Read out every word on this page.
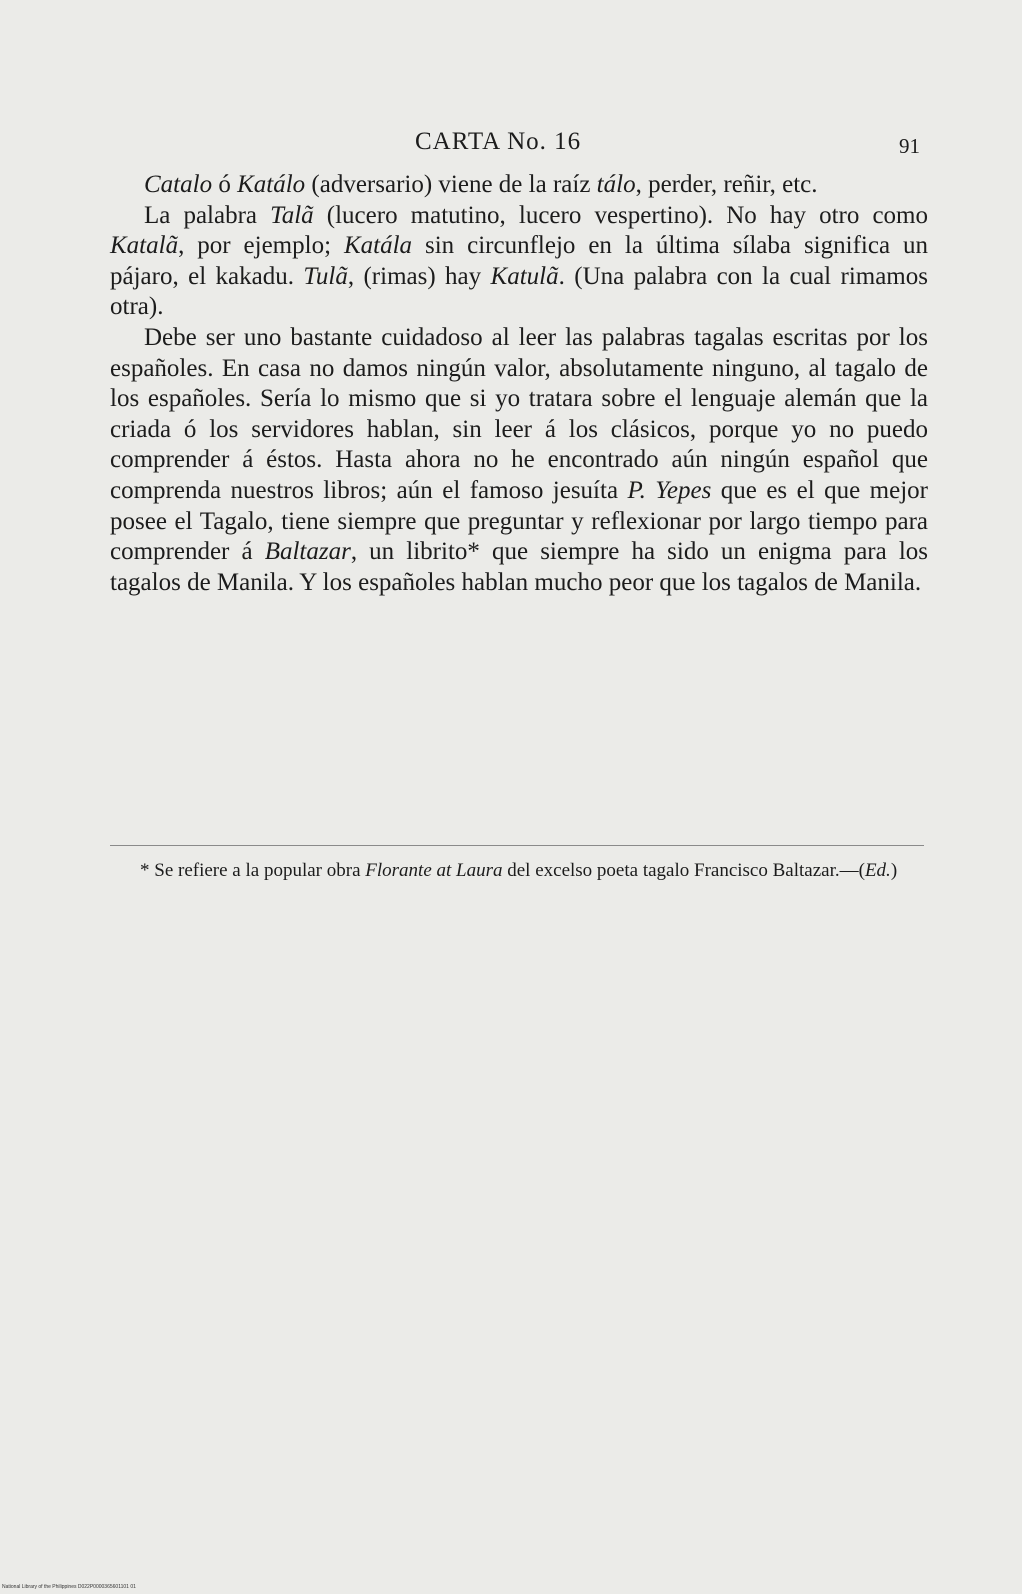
CARTA No. 16	91

Catalo ó Katálo (adversario) viene de la raíz tálo, perder, reñir, etc.

La palabra Talã (lucero matutino, lucero vespertino). No hay otro como Katalã, por ejemplo; Katála sin circunflejo en la última sílaba significa un pájaro, el kakadu. Tulã, (rimas) hay Katulã. (Una palabra con la cual rimamos otra).

Debe ser uno bastante cuidadoso al leer las palabras tagalas escritas por los españoles. En casa no damos ningún valor, absolutamente ninguno, al tagalo de los españoles. Sería lo mismo que si yo tratara sobre el lenguaje alemán que la criada ó los servidores hablan, sin leer á los clásicos, porque yo no puedo comprender á éstos. Hasta ahora no he encontrado aún ningún español que comprenda nuestros libros; aún el famoso jesuíta P. Yepes que es el que mejor posee el Tagalo, tiene siempre que preguntar y reflexionar por largo tiempo para comprender á Baltazar, un librito* que siempre ha sido un enigma para los tagalos de Manila. Y los españoles hablan mucho peor que los tagalos de Manila.

* Se refiere a la popular obra Florante at Laura del excelso poeta tagalo Francisco Baltazar.—(Ed.)

National Library of the Philippines D022P0000365601101 01
